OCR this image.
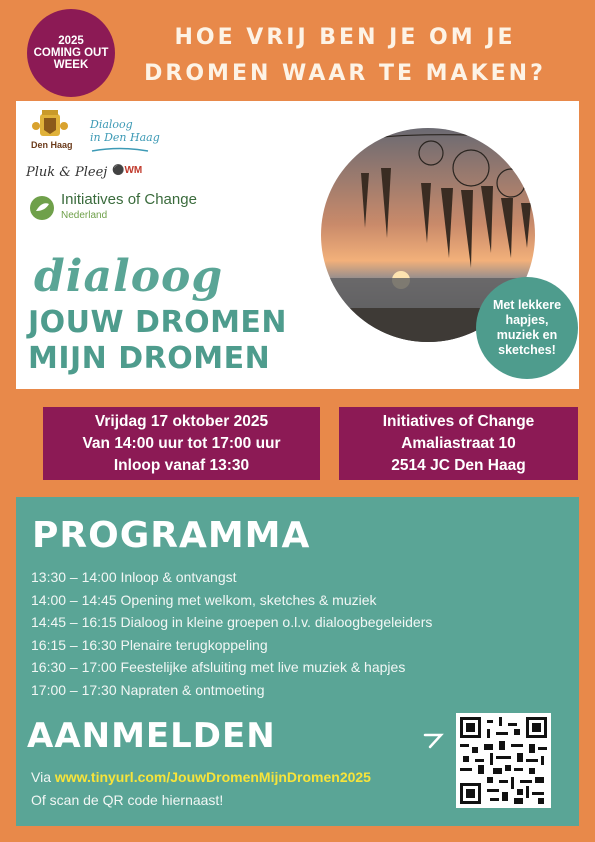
2025
COMING OUT
WEEK
HOE VRIJ BEN JE OM JE
DROMEN WAAR TE MAKEN?
Den Haag
Dialoog
in Den Haag
Pluk & Pleej ⚫WM
Initiatives of Change
Nederland
dialoog
JOUW DROMEN
MIJN DROMEN
Met lekkere
hapjes,
muziek en
sketches!
Vrijdag 17 oktober 2025
Van 14:00 uur tot 17:00 uur
Inloop vanaf 13:30
Initiatives of Change
Amaliastraat 10
2514 JC Den Haag
PROGRAMMA
13:30 – 14:00 Inloop & ontvangst
14:00 – 14:45 Opening met welkom, sketches & muziek
14:45 – 16:15 Dialoog in kleine groepen o.l.v. dialoogbegeleiders
16:15 – 16:30 Plenaire terugkoppeling
16:30 – 17:00 Feestelijke afsluiting met live muziek & hapjes
17:00 – 17:30 Napraten & ontmoeting
AANMELDEN
Via www.tinyurl.com/JouwDromenMijnDromen2025
Of scan de QR code hiernaast!
